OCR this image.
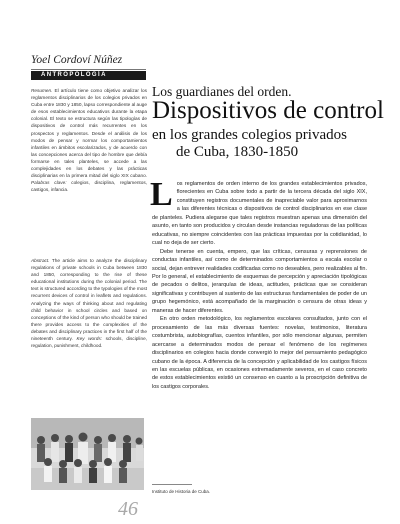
Yoel Cordoví Núñez
ANTROPOLOGÍA
Resumen. El artículo tiene como objetivo analizar los reglamentos disciplinarios de los colegios privados en Cuba entre 1830 y 1850, lapso correspondiente al auge de esos establecimientos educativos durante la etapa colonial. El texto se estructura según las tipologías de dispositivos de control más recurrentes en los prospectos y reglamentos. Desde el análisis de los modos de pensar y normar los comportamientos infantiles en ámbitos escolarizados, y de acuerdo con las concepciones acerca del tipo de hombre que debía formarse en tales planteles, se accede a las complejidades en los debates y las prácticas disciplinarias en la primera mitad del siglo XIX cubano. Palabras clave: colegios, disciplina, reglamentos, castigos, infancia.
Abstract. The article aims to analyze the disciplinary regulations of private schools in Cuba between 1830 and 1850, corresponding to the rise of these educational institutions during the colonial period. The text is structured according to the typologies of the most recurrent devices of control in leaflets and regulations. Analyzing the ways of thinking about and regulating child behavior in school circles and based on conceptions of the kind of person who should be trained there provides access to the complexities of the debates and disciplinary practices in the first half of the nineteenth century. Key words: schools, discipline, regulation, punishment, childhood.
Los guardianes del orden.
Dispositivos de control
en los grandes colegios privados
de Cuba, 1830-1850
L os reglamentos de orden interno de los grandes establecimientos privados, florecientes en Cuba sobre todo a partir de la tercera década del siglo XIX, constituyen registros documentales de inapreciable valor para aproximarnos a las diferentes técnicas o dispositivos de control disciplinarios en ese clase de planteles. Pudiera alegarse que tales registros muestran apenas una dimensión del asunto, en tanto son producidos y circulan desde instancias reguladoras de las políticas educativas, no siempre coincidentes con las prácticas impuestas por la cotidianidad, lo cual no deja de ser cierto.

Debe tenerse en cuenta, empero, que las críticas, censuras y reprensiones de conductas infantiles, así como de determinados comportamientos a escala escolar o social, dejan entrever realidades codificadas como no deseables, pero realizables al fin. Por lo general, el establecimiento de esquemas de percepción y apreciación tipológicas de pecados o delitos, jerarquías de ideas, actitudes, prácticas que se consideran significativas y contribuyen al sustento de las estructuras fundamentales de poder de un grupo hegemónico, está acompañado de la marginación o censura de otras ideas y maneras de hacer diferentes.

En otro orden metodológico, los reglamentos escolares consultados, junto con el procesamiento de las más diversas fuentes: novelas, testimonios, literatura costumbrista, autobiografías, cuentos infantiles, por sólo mencionar algunas, permiten acercarse a determinados modos de pensar el fenómeno de los regímenes disciplinarios en colegios hacia donde convergió lo mejor del pensamiento pedagógico cubano de la época. A diferencia de la concepción y aplicabilidad de los castigos físicos en las escuelas públicas, en ocasiones extremadamente severos, en el caso concreto de estos establecimientos existió un consenso en cuanto a la proscripción definitiva de los castigos corporales.

46
Instituto de Historia de Cuba.
